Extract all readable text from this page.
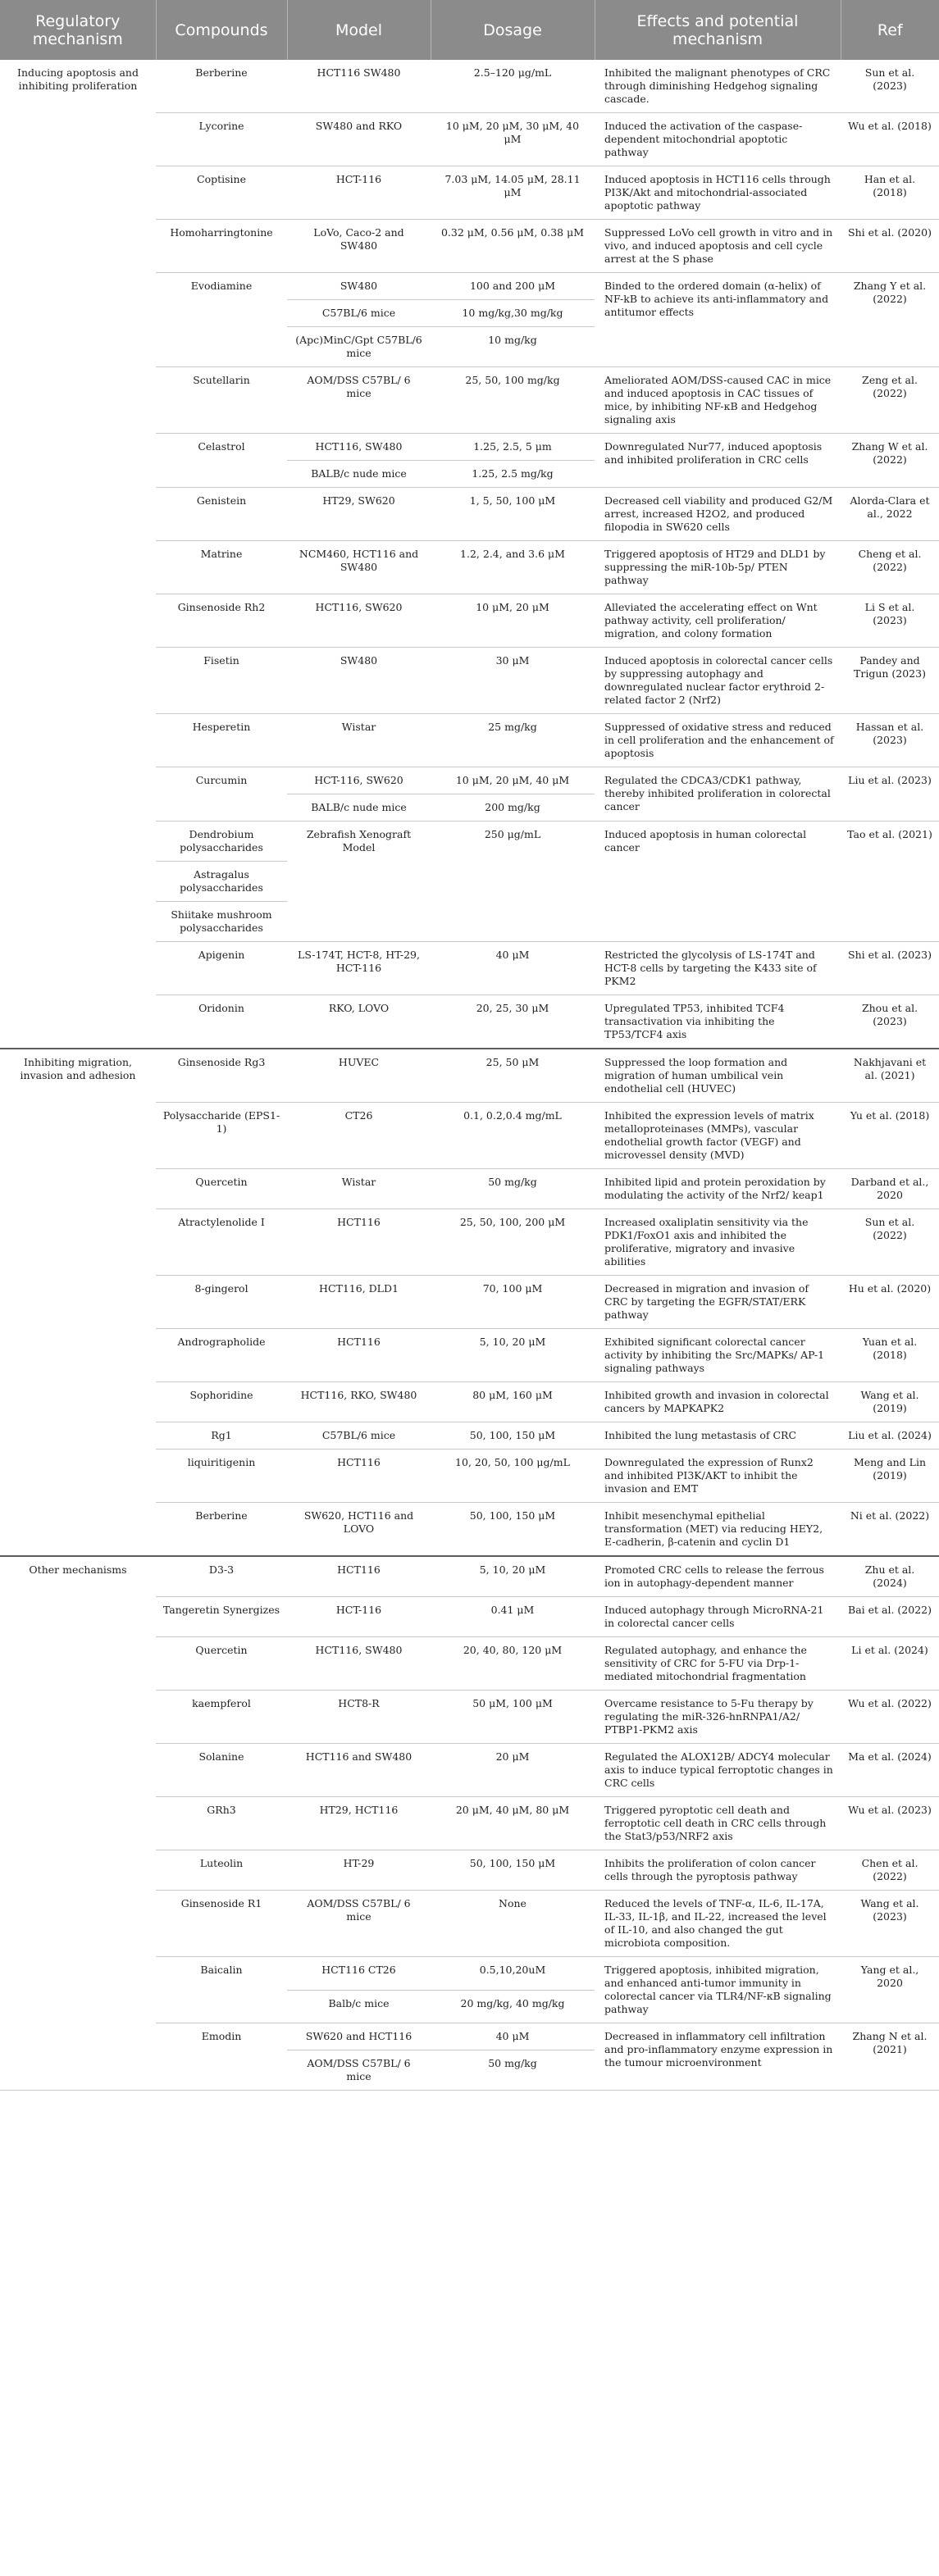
Regulatory mechanism	Compounds	Model	Dosage	Effects and potential mechanism	Ref
Inducing apoptosis and inhibiting proliferation	Berberine	HCT116 SW480	2.5–120 μg/mL	Inhibited the malignant phenotypes of CRC through diminishing Hedgehog signaling cascade.	Sun et al. (2023)
	Lycorine	SW480 and RKO	10 μM, 20 μM, 30 μM, 40 μM	Induced the activation of the caspase-dependent mitochondrial apoptotic pathway	Wu et al. (2018)
	Coptisine	HCT-116	7.03 μM, 14.05 μM, 28.11 μM	Induced apoptosis in HCT116 cells through PI3K/Akt and mitochondrial-associated apoptotic pathway	Han et al. (2018)
	Homoharringtonine	LoVo, Caco-2 and SW480	0.32 μM, 0.56 μM, 0.38 μM	Suppressed LoVo cell growth in vitro and in vivo, and induced apoptosis and cell cycle arrest at the S phase	Shi et al. (2020)
	Evodiamine	SW480	100 and 200 μM	Binded to the ordered domain (α-helix) of NF-kB to achieve its anti-inflammatory and antitumor effects	Zhang Y et al. (2022)
		C57BL/6 mice	10 mg/kg,30 mg/kg		
		(Apc)MinC/Gpt C57BL/6 mice	10 mg/kg		
	Scutellarin	AOM/DSS C57BL/ 6 mice	25, 50, 100 mg/kg	Ameliorated AOM/DSS-caused CAC in mice and induced apoptosis in CAC tissues of mice, by inhibiting NF-κB and Hedgehog signaling axis	Zeng et al. (2022)
	Celastrol	HCT116, SW480	1.25, 2.5, 5 μm	Downregulated Nur77, induced apoptosis and inhibited proliferation in CRC cells	Zhang W et al. (2022)
		BALB/c nude mice	1.25, 2.5 mg/kg		
	Genistein	HT29, SW620	1, 5, 50, 100 μM	Decreased cell viability and produced G2/M arrest, increased H2O2, and produced filopodia in SW620 cells	Alorda-Clara et al., 2022
	Matrine	NCM460, HCT116 and SW480	1.2, 2.4, and 3.6 μM	Triggered apoptosis of HT29 and DLD1 by suppressing the miR-10b-5p/ PTEN pathway	Cheng et al. (2022)
	Ginsenoside Rh2	HCT116, SW620	10 μM, 20 μM	Alleviated the accelerating effect on Wnt pathway activity, cell proliferation/ migration, and colony formation	Li S et al. (2023)
	Fisetin	SW480	30 μM	Induced apoptosis in colorectal cancer cells by suppressing autophagy and downregulated nuclear factor erythroid 2-related factor 2 (Nrf2)	Pandey and Trigun (2023)
	Hesperetin	Wistar	25 mg/kg	Suppressed of oxidative stress and reduced in cell proliferation and the enhancement of apoptosis	Hassan et al. (2023)
	Curcumin	HCT-116, SW620	10 μM, 20 μM, 40 μM	Regulated the CDCA3/CDK1 pathway, thereby inhibited proliferation in colorectal cancer	Liu et al. (2023)
		BALB/c nude mice	200 mg/kg		
	Dendrobium polysaccharides	Zebrafish Xenograft Model	250 μg/mL	Induced apoptosis in human colorectal cancer	Tao et al. (2021)
	Astragalus polysaccharides				
	Shiitake mushroom polysaccharides				
	Apigenin	LS-174T, HCT-8, HT-29, HCT-116	40 μM	Restricted the glycolysis of LS-174T and HCT-8 cells by targeting the K433 site of PKM2	Shi et al. (2023)
	Oridonin	RKO, LOVO	20, 25, 30 μM	Upregulated TP53, inhibited TCF4 transactivation via inhibiting the TP53/TCF4 axis	Zhou et al. (2023)
Inhibiting migration, invasion and adhesion	Ginsenoside Rg3	HUVEC	25, 50 μM	Suppressed the loop formation and migration of human umbilical vein endothelial cell (HUVEC)	Nakhjavani et al. (2021)
	Polysaccharide (EPS1-1)	CT26	0.1, 0.2,0.4 mg/mL	Inhibited the expression levels of matrix metalloproteinases (MMPs), vascular endothelial growth factor (VEGF) and microvessel density (MVD)	Yu et al. (2018)
	Quercetin	Wistar	50 mg/kg	Inhibited lipid and protein peroxidation by modulating the activity of the Nrf2/ keap1	Darband et al., 2020
	Atractylenolide I	HCT116	25, 50, 100, 200 μM	Increased oxaliplatin sensitivity via the PDK1/FoxO1 axis and inhibited the proliferative, migratory and invasive abilities	Sun et al. (2022)
	8-gingerol	HCT116, DLD1	70, 100 μM	Decreased in migration and invasion of CRC by targeting the EGFR/STAT/ERK pathway	Hu et al. (2020)
	Andrographolide	HCT116	5, 10, 20 μM	Exhibited significant colorectal cancer activity by inhibiting the Src/MAPKs/ AP-1 signaling pathways	Yuan et al. (2018)
	Sophoridine	HCT116, RKO, SW480	80 μM, 160 μM	Inhibited growth and invasion in colorectal cancers by MAPKAPK2	Wang et al. (2019)
	Rg1	C57BL/6 mice	50, 100, 150 μM	Inhibited the lung metastasis of CRC	Liu et al. (2024)
	liquiritigenin	HCT116	10, 20, 50, 100 μg/mL	Downregulated the expression of Runx2 and inhibited PI3K/AKT to inhibit the invasion and EMT	Meng and Lin (2019)
	Berberine	SW620, HCT116 and LOVO	50, 100, 150 μM	Inhibit mesenchymal epithelial transformation (MET) via reducing HEY2, E-cadherin, β-catenin and cyclin D1	Ni et al. (2022)
Other mechanisms	D3-3	HCT116	5, 10, 20 μM	Promoted CRC cells to release the ferrous ion in autophagy-dependent manner	Zhu et al. (2024)
	Tangeretin Synergizes	HCT-116	0.41 μM	Induced autophagy through MicroRNA-21 in colorectal cancer cells	Bai et al. (2022)
	Quercetin	HCT116, SW480	20, 40, 80, 120 μM	Regulated autophagy, and enhance the sensitivity of CRC for 5-FU via Drp-1-mediated mitochondrial fragmentation	Li et al. (2024)
	kaempferol	HCT8-R	50 μM, 100 μM	Overcame resistance to 5-Fu therapy by regulating the miR-326-hnRNPA1/A2/ PTBP1-PKM2 axis	Wu et al. (2022)
	Solanine	HCT116 and SW480	20 μM	Regulated the ALOX12B/ ADCY4 molecular axis to induce typical ferroptotic changes in CRC cells	Ma et al. (2024)
	GRh3	HT29, HCT116	20 μM, 40 μM, 80 μM	Triggered pyroptotic cell death and ferroptotic cell death in CRC cells through the Stat3/p53/NRF2 axis	Wu et al. (2023)
	Luteolin	HT-29	50, 100, 150 μM	Inhibits the proliferation of colon cancer cells through the pyroptosis pathway	Chen et al. (2022)
	Ginsenoside R1	AOM/DSS C57BL/ 6 mice	None	Reduced the levels of TNF-α, IL-6, IL-17A, IL-33, IL-1β, and IL-22, increased the level of IL-10, and also changed the gut microbiota composition.	Wang et al. (2023)
	Baicalin	HCT116 CT26	0.5,10,20uM	Triggered apoptosis, inhibited migration, and enhanced anti-tumor immunity in colorectal cancer via TLR4/NF-κB signaling pathway	Yang et al., 2020
		Balb/c mice	20 mg/kg, 40 mg/kg		
	Emodin	SW620 and HCT116	40 μM	Decreased in inflammatory cell infiltration and pro-inflammatory enzyme expression in the tumour microenvironment	Zhang N et al. (2021)
		AOM/DSS C57BL/ 6 mice	50 mg/kg		
